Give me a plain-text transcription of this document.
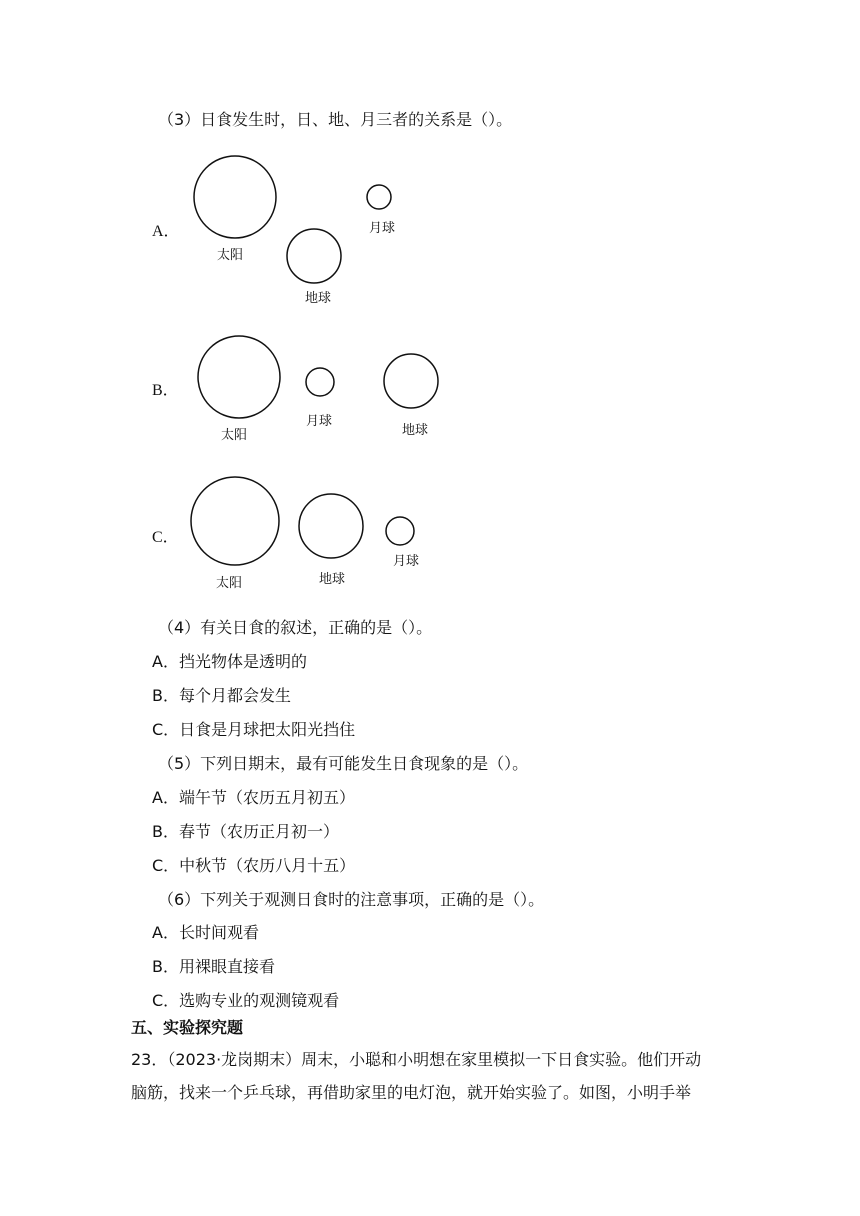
（3）日食发生时，日、地、月三者的关系是（）。
A．
太阳
地球
月球
B．
太阳
月球
地球
C．
太阳	地球
月球
（4）有关日食的叙述，正确的是（）。
A．挡光物体是透明的
B．每个月都会发生
C．日食是月球把太阳光挡住
（5）下列日期末，最有可能发生日食现象的是（）。
A．端午节（农历五月初五）
B．春节（农历正月初一）
C．中秋节（农历八月十五）
（6）下列关于观测日食时的注意事项，正确的是（）。
A．长时间观看
B．用裸眼直接看
C．选购专业的观测镜观看
五、实验探究题
23．（2023·龙岗期末）周末，小聪和小明想在家里模拟一下日食实验。他们开动
脑筋，找来一个乒乓球，再借助家里的电灯泡，就开始实验了。如图，小明手举
